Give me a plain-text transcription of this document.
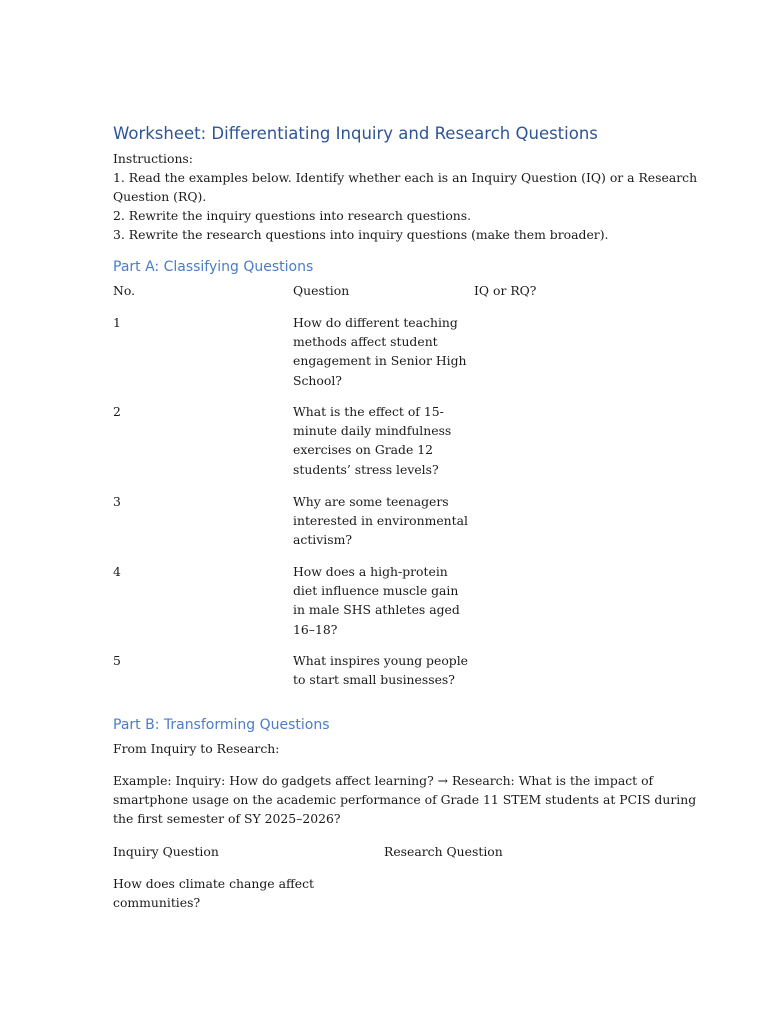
Worksheet: Differentiating Inquiry and Research Questions
Instructions:
1. Read the examples below. Identify whether each is an Inquiry Question (IQ) or a Research
Question (RQ).
2. Rewrite the inquiry questions into research questions.
3. Rewrite the research questions into inquiry questions (make them broader).
Part A: Classifying Questions
No.	Question	IQ or RQ?
1	How do different teaching methods affect student engagement in Senior High School?
2	What is the effect of 15-minute daily mindfulness exercises on Grade 12 students’ stress levels?
3	Why are some teenagers interested in environmental activism?
4	How does a high-protein diet influence muscle gain in male SHS athletes aged 16–18?
5	What inspires young people to start small businesses?
Part B: Transforming Questions
From Inquiry to Research:
Example: Inquiry: How do gadgets affect learning? → Research: What is the impact of
smartphone usage on the academic performance of Grade 11 STEM students at PCIS during
the first semester of SY 2025–2026?
Inquiry Question	Research Question
How does climate change affect
communities?
